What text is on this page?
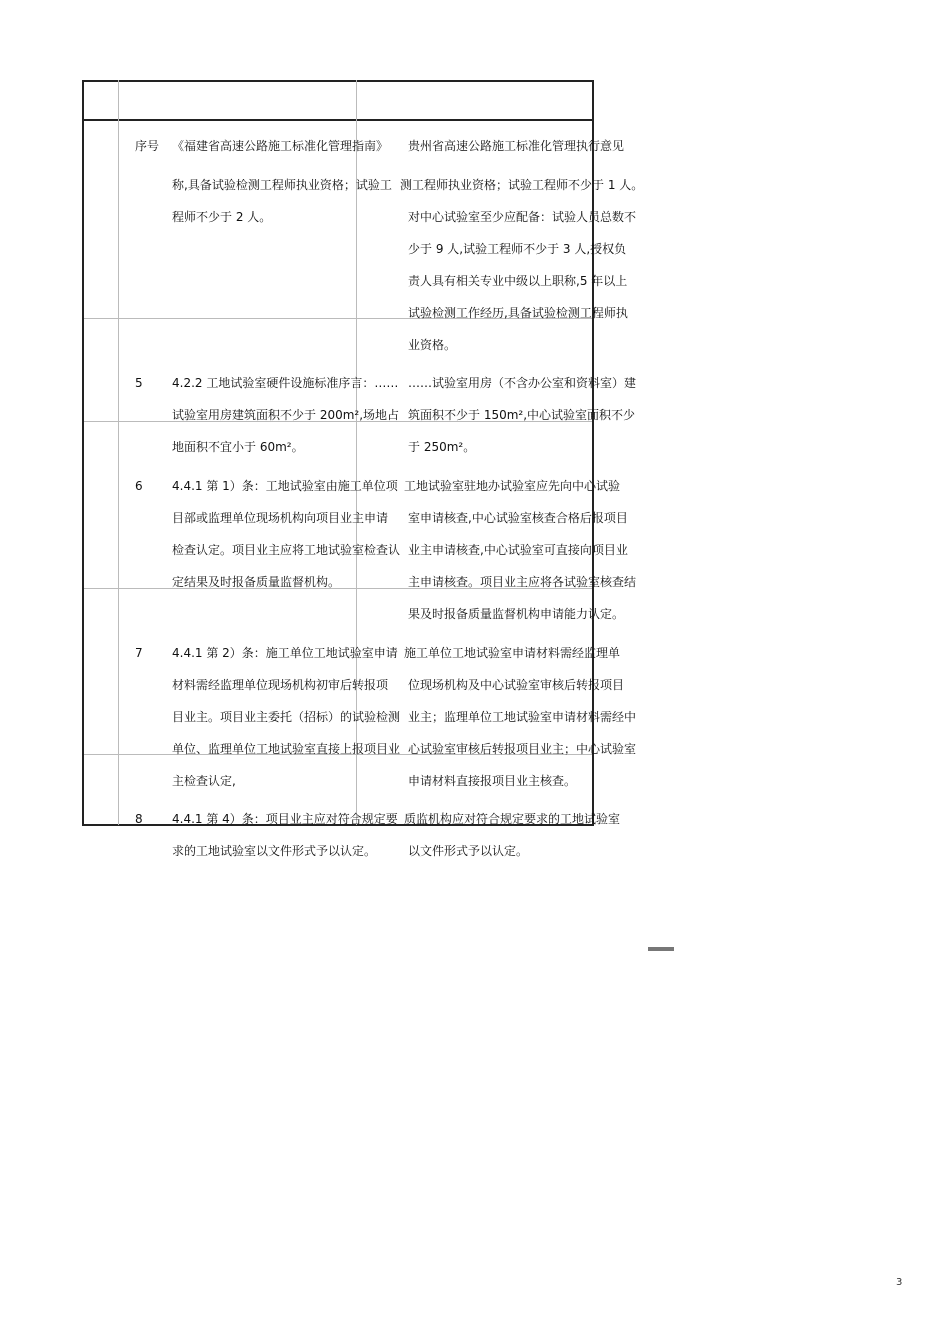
序号 《福建省高速公路施工标准化管理指南》 贵州省高速公路施工标准化管理执行意见
称,具备试验检测工程师执业资格；试验工
程师不少于 2 人。
测工程师执业资格；试验工程师不少于 1 人。
对中心试验室至少应配备：试验人员总数不
少于 9 人,试验工程师不少于 3 人,授权负
责人具有相关专业中级以上职称,5 年以上
试验检测工作经历,具备试验检测工程师执
业资格。
5 4.2.2 工地试验室硬件设施标准序言：……
试验室用房建筑面积不少于 200m²,场地占
地面积不宜小于 60m²。
……试验室用房（不含办公室和资料室）建
筑面积不少于 150m²,中心试验室面积不少
于 250m²。
6 4.4.1 第 1）条：工地试验室由施工单位项
目部或监理单位现场机构向项目业主申请
检查认定。项目业主应将工地试验室检查认
定结果及时报备质量监督机构。
工地试验室驻地办试验室应先向中心试验
室申请核查,中心试验室核查合格后报项目
业主申请核查,中心试验室可直接向项目业
主申请核查。项目业主应将各试验室核查结
果及时报备质量监督机构申请能力认定。
7 4.4.1 第 2）条：施工单位工地试验室申请
材料需经监理单位现场机构初审后转报项
目业主。项目业主委托（招标）的试验检测
单位、监理单位工地试验室直接上报项目业
主检查认定,
施工单位工地试验室申请材料需经监理单
位现场机构及中心试验室审核后转报项目
业主；监理单位工地试验室申请材料需经中
心试验室审核后转报项目业主；中心试验室
申请材料直接报项目业主核查。
8 4.4.1 第 4）条：项目业主应对符合规定要
求的工地试验室以文件形式予以认定。
质监机构应对符合规定要求的工地试验室
以文件形式予以认定。
3
